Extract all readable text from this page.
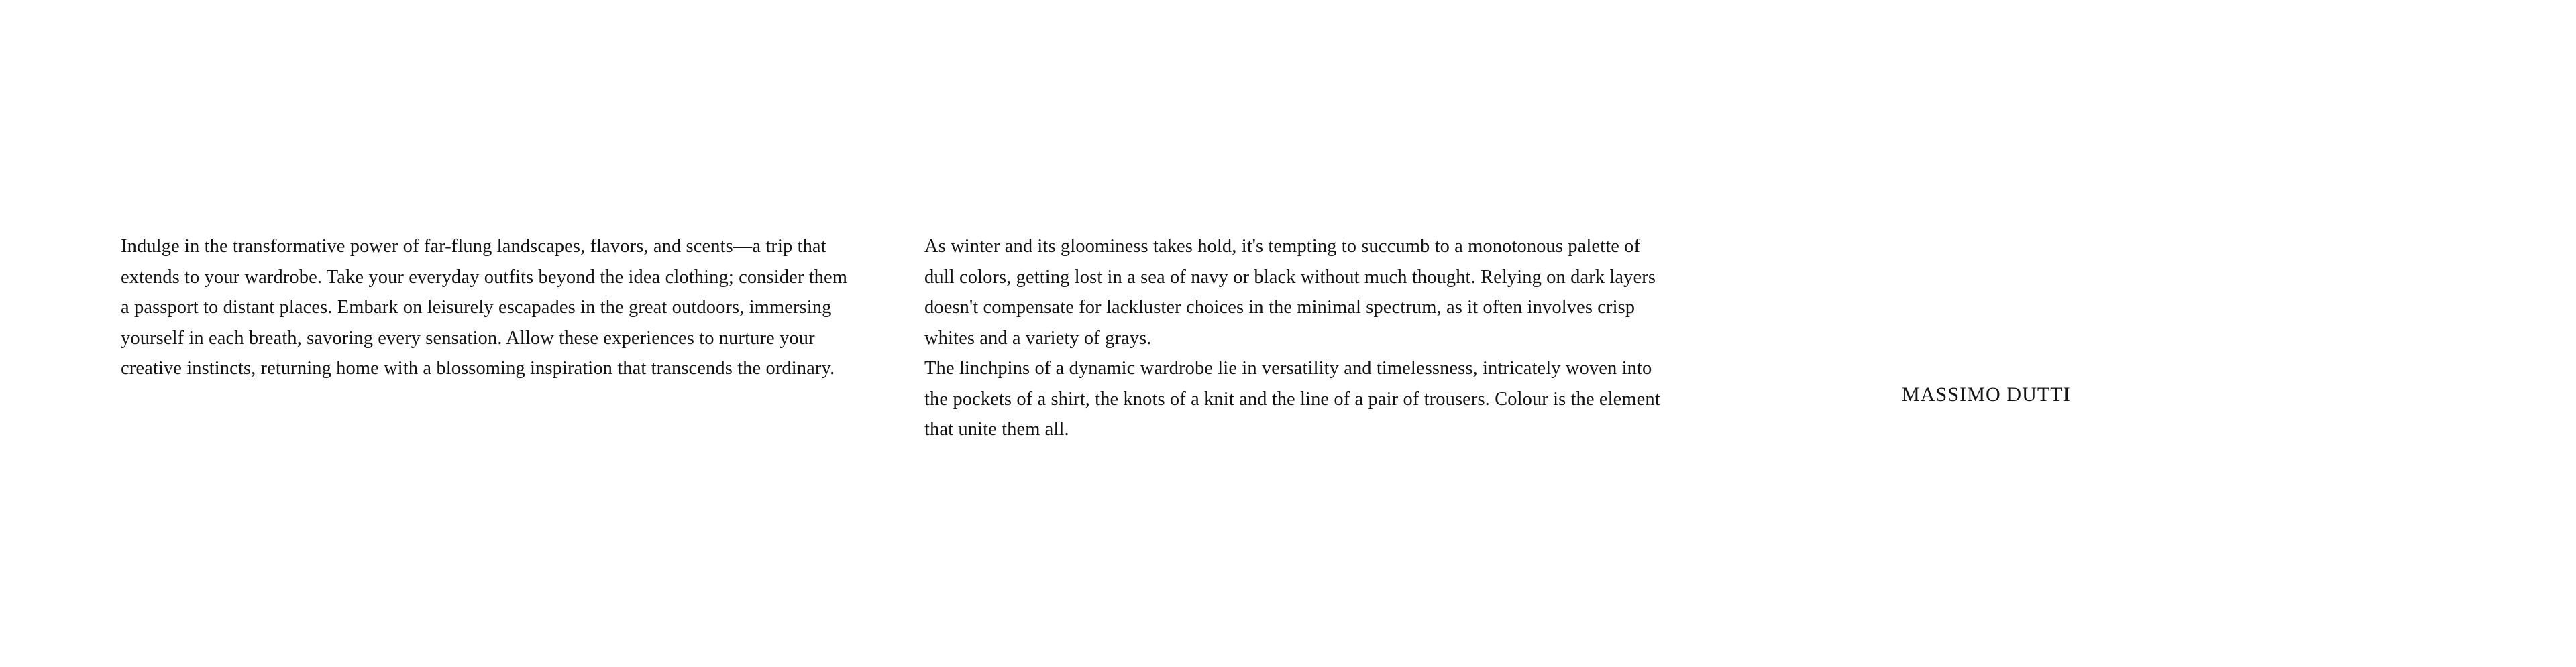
Indulge in the transformative power of far-flung landscapes, flavors, and scents—a trip that extends to your wardrobe. Take your everyday outfits beyond the idea clothing; consider them a passport to distant places. Embark on leisurely escapades in the great outdoors, immersing yourself in each breath, savoring every sensation. Allow these experiences to nurture your creative instincts, returning home with a blossoming inspiration that transcends the ordinary.

As winter and its gloominess takes hold, it's tempting to succumb to a monotonous palette of dull colors, getting lost in a sea of navy or black without much thought. Relying on dark layers doesn't compensate for lackluster choices in the minimal spectrum, as it often involves crisp whites and a variety of grays.

The linchpins of a dynamic wardrobe lie in versatility and timelessness, intricately woven into the pockets of a shirt, the knots of a knit and the line of a pair of trousers. Colour is the element that unite them all.

MASSIMO DUTTI
